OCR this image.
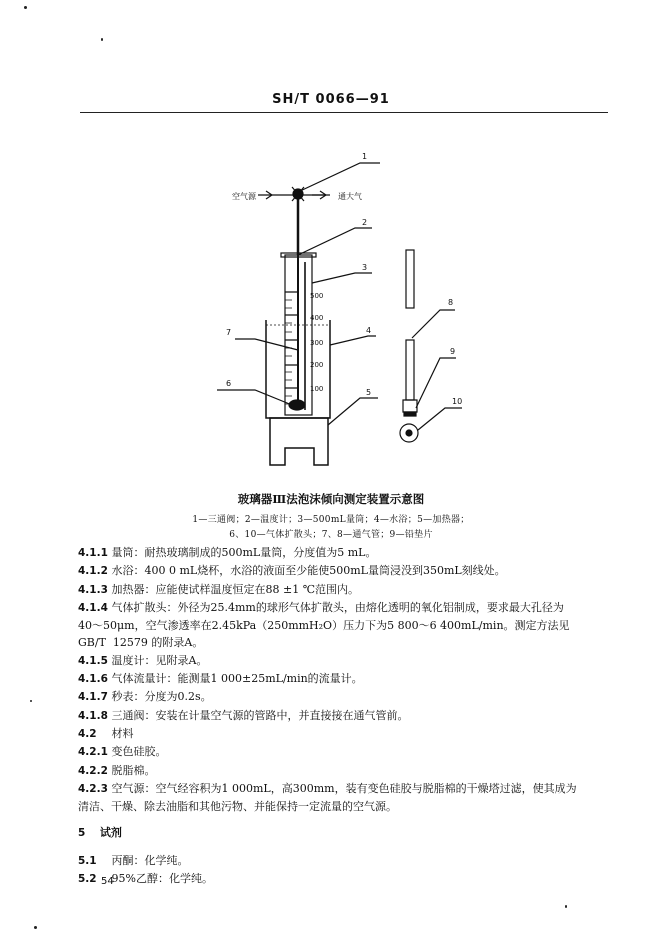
SH/T 0066—91
空气源	通大气
500
400
300
200
100
1
2
3
4
5
6
7
8
9
10
玻璃器Ⅲ法泡沫倾向测定装置示意图
1—三通阀；2—温度计；3—500mL量筒；4—水浴；5—加热器；
6、10—气体扩散头；7、8—通气管；9—铅垫片

4.1.1 量筒：耐热玻璃制成的500mL量筒，分度值为5 mL。

4.1.2 水浴：400 0 mL烧杯，水浴的液面至少能使500mL量筒浸没到350mL刻线处。

4.1.3 加热器：应能使试样温度恒定在88 ±1 ℃范围内。

4.1.4 气体扩散头：外径为25.4mm的球形气体扩散头，由熔化透明的氧化铝制成，要求最大孔径为

40～50μm，空气渗透率在2.45kPa（250mmH₂O）压力下为5 800～6 400mL/min。测定方法见

GB/T  12579 的附录A。

4.1.5 温度计：见附录A。

4.1.6 气体流量计：能测量1 000±25mL/min的流量计。

4.1.7 秒表：分度为0.2s。

4.1.8 三通阀：安装在计量空气源的管路中，并直接接在通气管前。

4.2 材料

4.2.1 变色硅胶。

4.2.2 脱脂棉。

4.2.3 空气源：空气经容积为1 000mL，高300mm，装有变色硅胶与脱脂棉的干燥塔过滤，使其成为

清洁、干燥、除去油脂和其他污物、并能保持一定流量的空气源。

5 试剂

5.1 丙酮：化学纯。

5.2 95%乙醇：化学纯。

54
